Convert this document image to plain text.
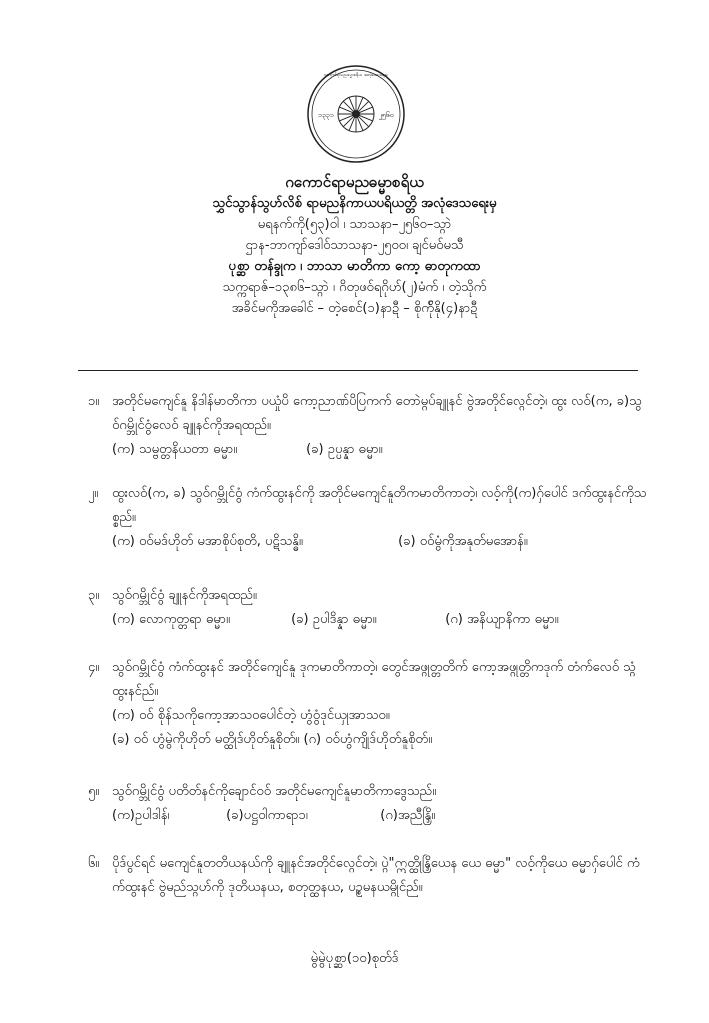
၁၃၃၁	၂၅၆၀
ဂကောင်ရာမညဓမ္မာစရိယ အလုံ‌ဒေသရေးမှ
ဂကောင်ရာမညဓမ္မာစရိယ
သွှင်သွာန်သွဟ်လိစ် ရာမညနိကာယပရိယတ္တိ အလုံဒေသရေးမှ
မရနက်ကို(၅၃)ဝါ ၊ သာသနာ–၂၅၆၀–သ္ဂာဲ
ဌာန-ဘာကျာ်ဒေါဝ်သာသနာ-၂၅၀၀၊ ချင်မဝ်မသီ
ပုစ္ဆာ တန်ခ္ဒုက ၊ ဘာသာ မာတိကာ ကော့ ဓာတုကထာ
သက္ကရာဇ်–၁၃၈၆–သ္ဂာဲ ၊ ဂိတုဖဝ်ရဂိုဟ်(၂)မံက် ၊ တဲ့သိုက်
အခိင်မကိုအခေါင် – တဲ့စေင်(၁)နာဍီ – စိုက်ိုနို(၄)နာဍီ
၁။ အတိုင်မကျေင်နူ နိဒါန်မာတိကာ ပယှုံပိ ကော့ညာဏ်ပိပြကက် တောဲမ္ဂပ်ချူနင် ဗွဲအတိုင်လ္ဂေင်တဲ့၊ ထွး လဝ်(က, ခ)သွဝ်ဂမ္ဘိုင်ဝွံလေဝ် ချူနင်ကိုအရထည်။
(က) သမ္ဗတ္တနိယတာ ဓမ္မာ။	(ခ) ဥပ္ပန္နာ ဓမ္မာ။
၂။ ထွးလဝ်(က, ခ) သွဝ်ဂမ္ဘိုင်ဝွံ ကံက်ထွးနင်ကို အတိုင်မကျေင်နူတိကမာတိကာတဲ့၊ လဝ့်ကို(က)ဂှ်ပေါင် ဒက်ထွးနင်ကိုသစ္စည်။
(က) ဝဝ်မဒ်ဟိုတ် မအာစိုပ်စုတိ, ပဋိသန္ဓိ။	(ခ) ဝဝ်မွံကိုအနုတ်မအောန်။
၃။ သွဝ်ဂမ္ဘိုင်ဝွံ ချူနင်ကိုအရထည်။
(က) လောကုတ္တရာ ဓမ္မာ။	(ခ) ဥပါဒိန္နာ ဓမ္မာ။	(ဂ) အနိယျာနိကာ ဓမ္မာ။
၄။ သွဝ်ဂမ္ဘိုင်ဝွံ ကံက်ထွးနင် အတိုင်ကျေင်နူ ဒုကမာတိကာတဲ့၊ တွေင်အဖ္ဂုတ္တတိက် ကော့အဖ္ဂုတ္တိကဒုက် တံက်လေဝ် သ္ဂံထွးနင်ည်။
(က) ဝဝ် စိုန်သကိုကော့အာသဝပေါင်တဲ့ ဟွံဝွံဒုင်ယှုအာသဝ။
(ခ) ဝဝ် ဟွံမွဲကိုဟိုတ် မတ္ထိုဒ်ဟိုတ်နူစိုတ်။ (ဂ) ဝဝ်ဟွံကျိုဒ်ဟိုတ်နူစိုတ်။
၅။ သွဝ်ဂမ္ဘိုင်ဝွံ ပတိတ်နင်ကိုချောင်ဝဝ် အတိုင်မကျေင်နူမာတိကာဒွေသည်။
(က)ဥပါဒါန်၊	(ခ)ပဋ္ဌဝါကာရာ၁၊	(ဂ)အညီန္ဒြိ။
၆။ ပိုဒ်ပွင်ရင် မကျေင်နူတတိယနယ်ကို ချူနင်အတိုင်လ္ဂေင်တဲ့၊ ပ္ဂဲ"ဣတ္ထိုန္ဒြိယေန ယေ ဓမ္မာ" လဝ့်ကိုယေ ဓမ္မာဂှ်ပေါင် ကံက်ထွးနင် ဗွဲမည်သ္ဂဟ်ကို ဒုတိယနယ, စတုတ္ထနယ, ပဉ္စမနယမ္ဂိုင်ည်။
မွဲမွဲပုစ္ဆာ(၁၀)စုတ်ဒ်
